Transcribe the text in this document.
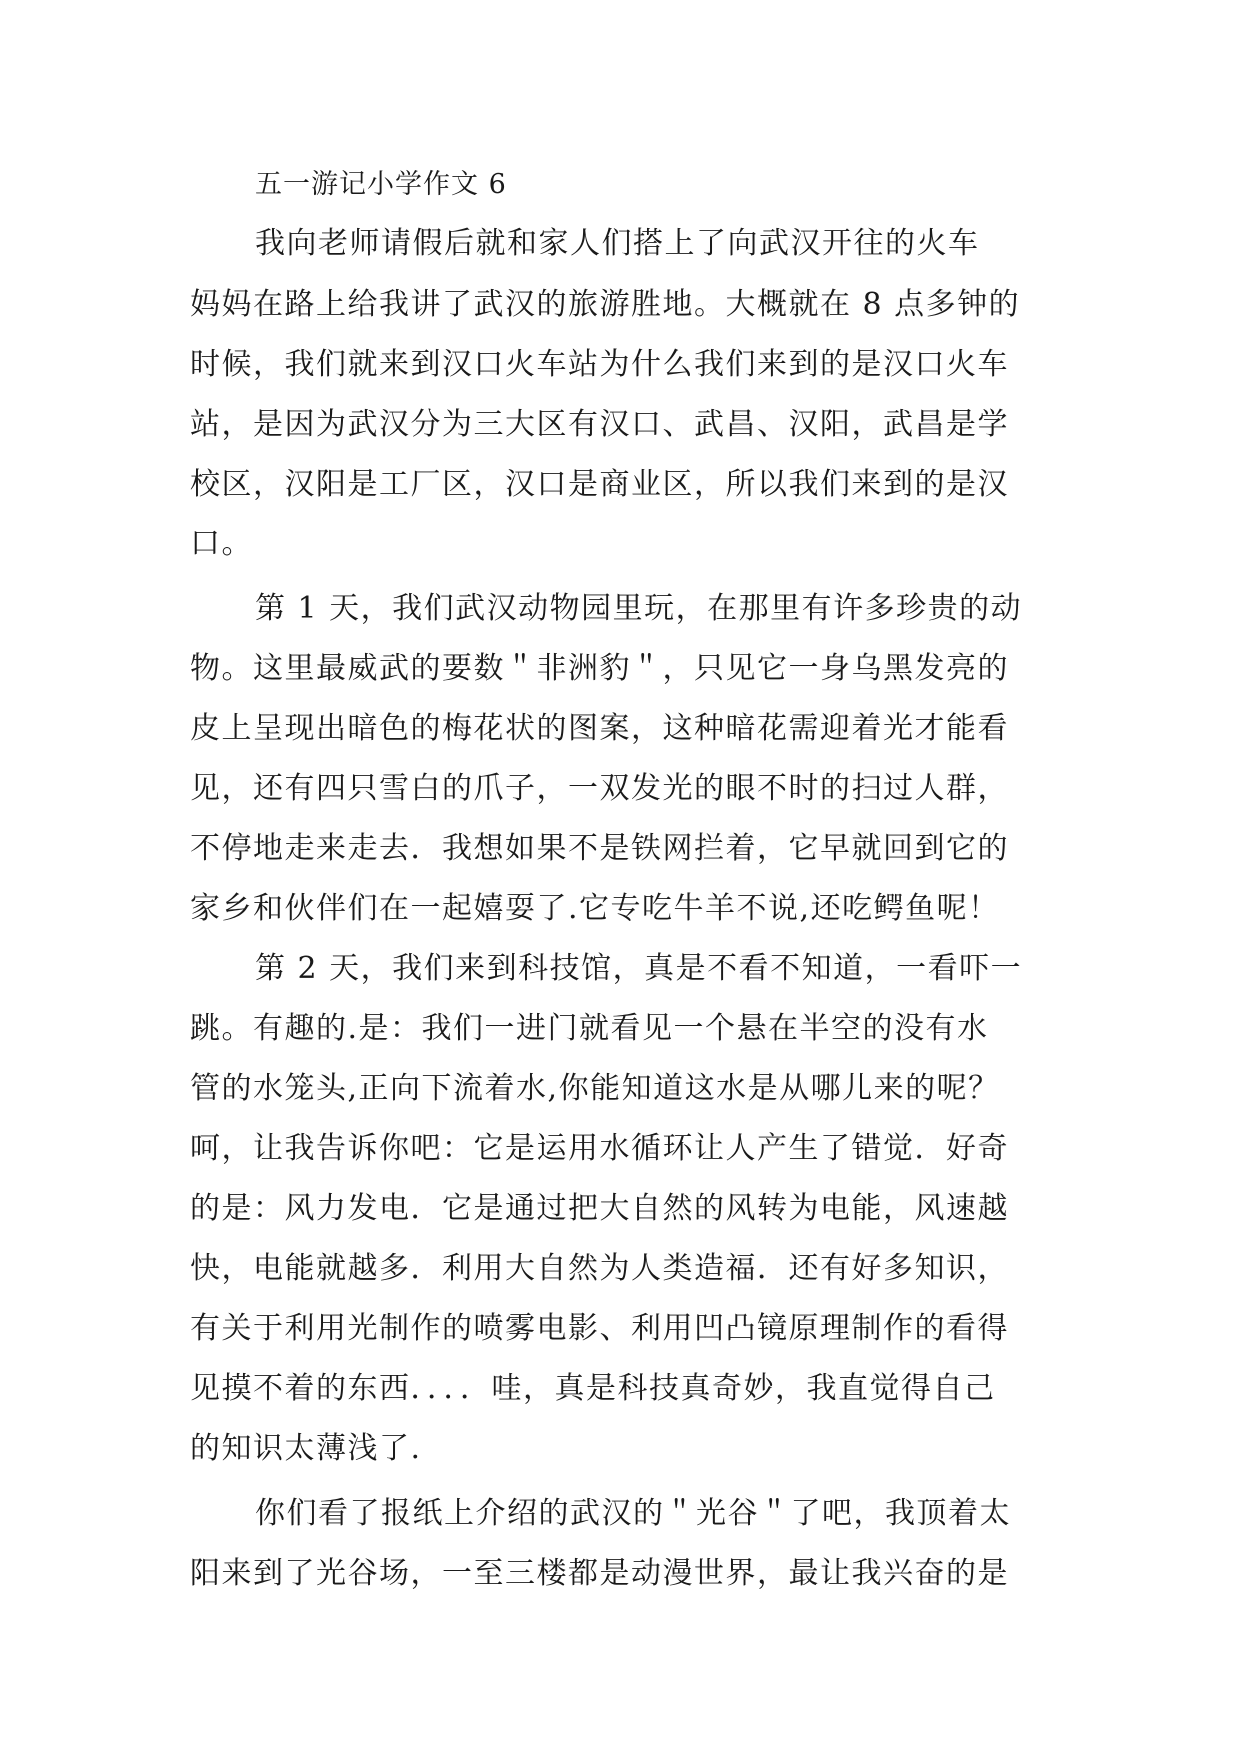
五一游记小学作文 6
我向老师请假后就和家人们搭上了向武汉开往的火车
妈妈在路上给我讲了武汉的旅游胜地。大概就在 8 点多钟的
时候，我们就来到汉口火车站为什么我们来到的是汉口火车
站，是因为武汉分为三大区有汉口、武昌、汉阳，武昌是学
校区，汉阳是工厂区，汉口是商业区，所以我们来到的是汉
口。
第 1 天，我们武汉动物园里玩，在那里有许多珍贵的动
物。这里最威武的要数＂非洲豹＂，只见它一身乌黑发亮的
皮上呈现出暗色的梅花状的图案，这种暗花需迎着光才能看
见，还有四只雪白的爪子，一双发光的眼不时的扫过人群，
不停地走来走去．我想如果不是铁网拦着，它早就回到它的
家乡和伙伴们在一起嬉耍了.它专吃牛羊不说,还吃鳄鱼呢！
第 2 天，我们来到科技馆，真是不看不知道，一看吓一
跳。有趣的.是：我们一进门就看见一个悬在半空的没有水
管的水笼头,正向下流着水,你能知道这水是从哪儿来的呢？
呵，让我告诉你吧：它是运用水循环让人产生了错觉．好奇
的是：风力发电．它是通过把大自然的风转为电能，风速越
快，电能就越多．利用大自然为人类造福．还有好多知识，
有关于利用光制作的喷雾电影、利用凹凸镜原理制作的看得
见摸不着的东西．．．．哇，真是科技真奇妙，我直觉得自己
的知识太薄浅了.
你们看了报纸上介绍的武汉的＂光谷＂了吧，我顶着太
阳来到了光谷场，一至三楼都是动漫世界，最让我兴奋的是
